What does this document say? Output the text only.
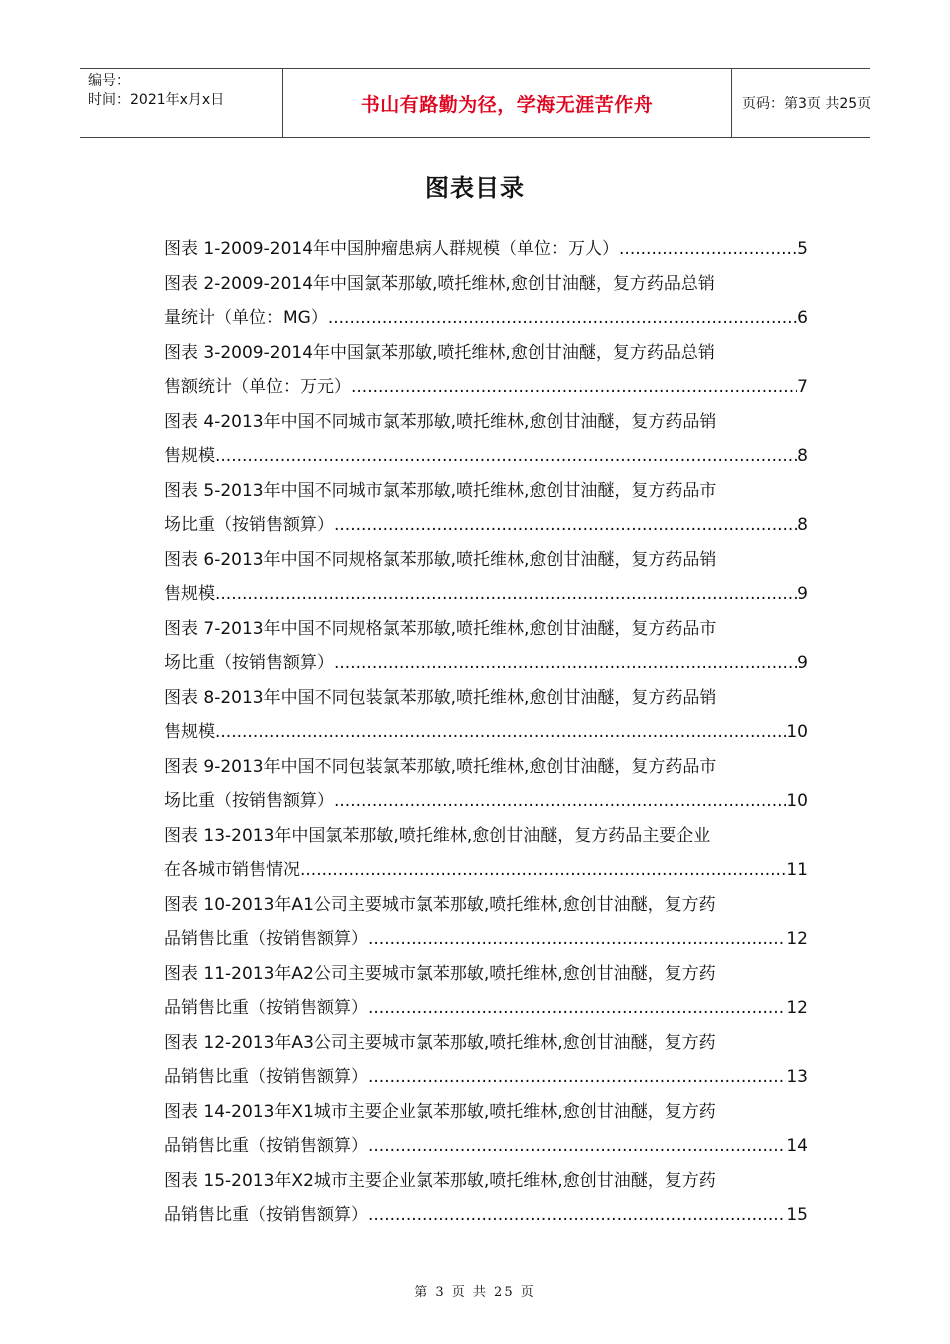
编号：
时间：2021年x月x日	书山有路勤为径，学海无涯苦作舟	页码：第3页 共25页
图表目录
图表 1-2009-2014年中国肿瘤患病人群规模（单位：万人） .....	5
图表 2-2009-2014年中国氯苯那敏,喷托维林,愈创甘油醚，复方药品总销
量统计（单位：MG） .....	6
图表 3-2009-2014年中国氯苯那敏,喷托维林,愈创甘油醚，复方药品总销
售额统计（单位：万元） .....	7
图表 4-2013年中国不同城市氯苯那敏,喷托维林,愈创甘油醚，复方药品销
售规模 .....	8
图表 5-2013年中国不同城市氯苯那敏,喷托维林,愈创甘油醚，复方药品市
场比重（按销售额算） .....	8
图表 6-2013年中国不同规格氯苯那敏,喷托维林,愈创甘油醚，复方药品销
售规模 .....	9
图表 7-2013年中国不同规格氯苯那敏,喷托维林,愈创甘油醚，复方药品市
场比重（按销售额算） .....	9
图表 8-2013年中国不同包装氯苯那敏,喷托维林,愈创甘油醚，复方药品销
售规模 .....	10
图表 9-2013年中国不同包装氯苯那敏,喷托维林,愈创甘油醚，复方药品市
场比重（按销售额算） .....	10
图表 13-2013年中国氯苯那敏,喷托维林,愈创甘油醚，复方药品主要企业
在各城市销售情况 .....	11
图表 10-2013年A1公司主要城市氯苯那敏,喷托维林,愈创甘油醚，复方药
品销售比重（按销售额算） .....	12
图表 11-2013年A2公司主要城市氯苯那敏,喷托维林,愈创甘油醚，复方药
品销售比重（按销售额算） .....	12
图表 12-2013年A3公司主要城市氯苯那敏,喷托维林,愈创甘油醚，复方药
品销售比重（按销售额算） .....	13
图表 14-2013年X1城市主要企业氯苯那敏,喷托维林,愈创甘油醚，复方药
品销售比重（按销售额算） .....	14
图表 15-2013年X2城市主要企业氯苯那敏,喷托维林,愈创甘油醚，复方药
品销售比重（按销售额算） .....	15
第 3 页 共 25 页
